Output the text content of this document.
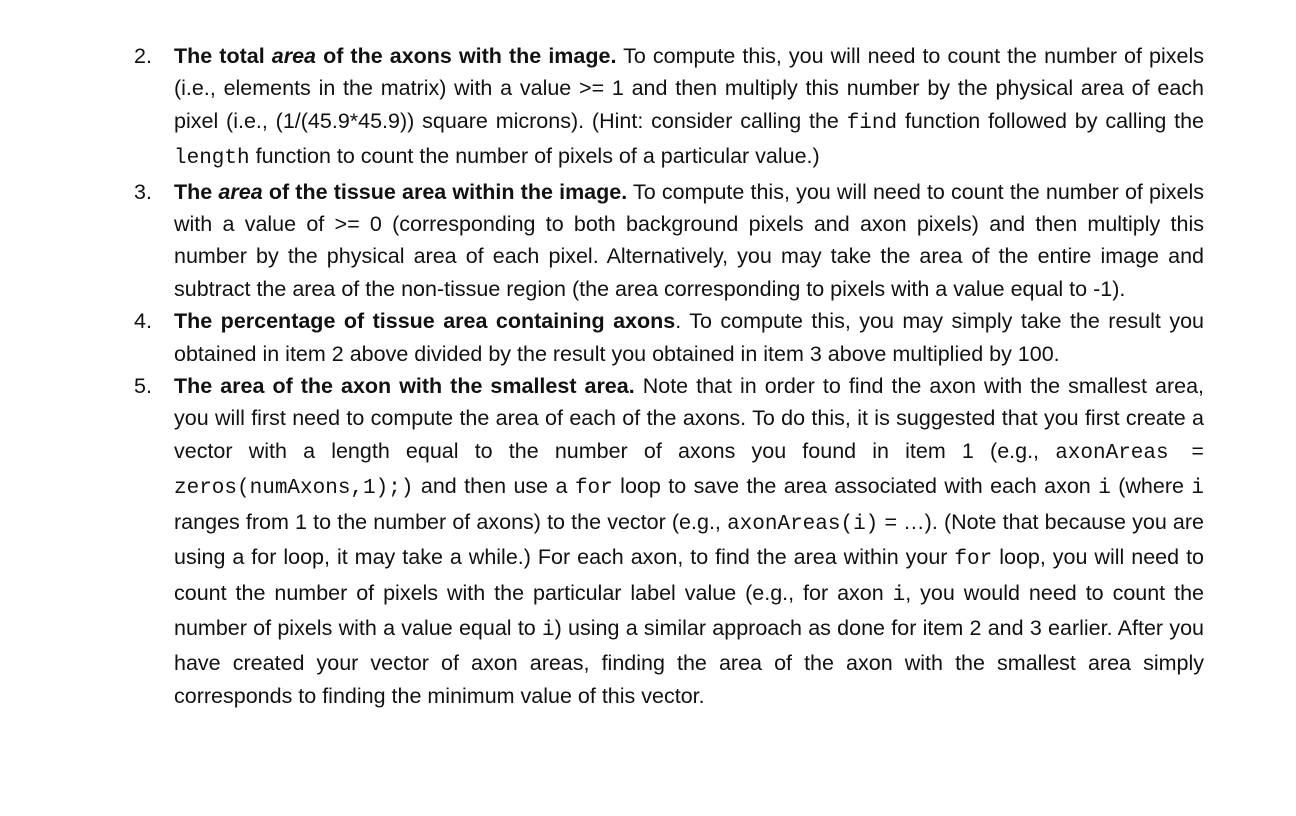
2.	The total area of the axons with the image. To compute this, you will need to count the number of pixels (i.e., elements in the matrix) with a value >= 1 and then multiply this number by the physical area of each pixel (i.e., (1/(45.9*45.9)) square microns). (Hint: consider calling the find function followed by calling the length function to count the number of pixels of a particular value.)

3.	The area of the tissue area within the image. To compute this, you will need to count the number of pixels with a value of >= 0 (corresponding to both background pixels and axon pixels) and then multiply this number by the physical area of each pixel. Alternatively, you may take the area of the entire image and subtract the area of the non-tissue region (the area corresponding to pixels with a value equal to -1).

4.	The percentage of tissue area containing axons. To compute this, you may simply take the result you obtained in item 2 above divided by the result you obtained in item 3 above multiplied by 100.

5.	The area of the axon with the smallest area. Note that in order to find the axon with the smallest area, you will first need to compute the area of each of the axons. To do this, it is suggested that you first create a vector with a length equal to the number of axons you found in item 1 (e.g., axonAreas = zeros(numAxons,1);) and then use a for loop to save the area associated with each axon i (where i ranges from 1 to the number of axons) to the vector (e.g., axonAreas(i) = …). (Note that because you are using a for loop, it may take a while.) For each axon, to find the area within your for loop, you will need to count the number of pixels with the particular label value (e.g., for axon i, you would need to count the number of pixels with a value equal to i) using a similar approach as done for item 2 and 3 earlier. After you have created your vector of axon areas, finding the area of the axon with the smallest area simply corresponds to finding the minimum value of this vector.
